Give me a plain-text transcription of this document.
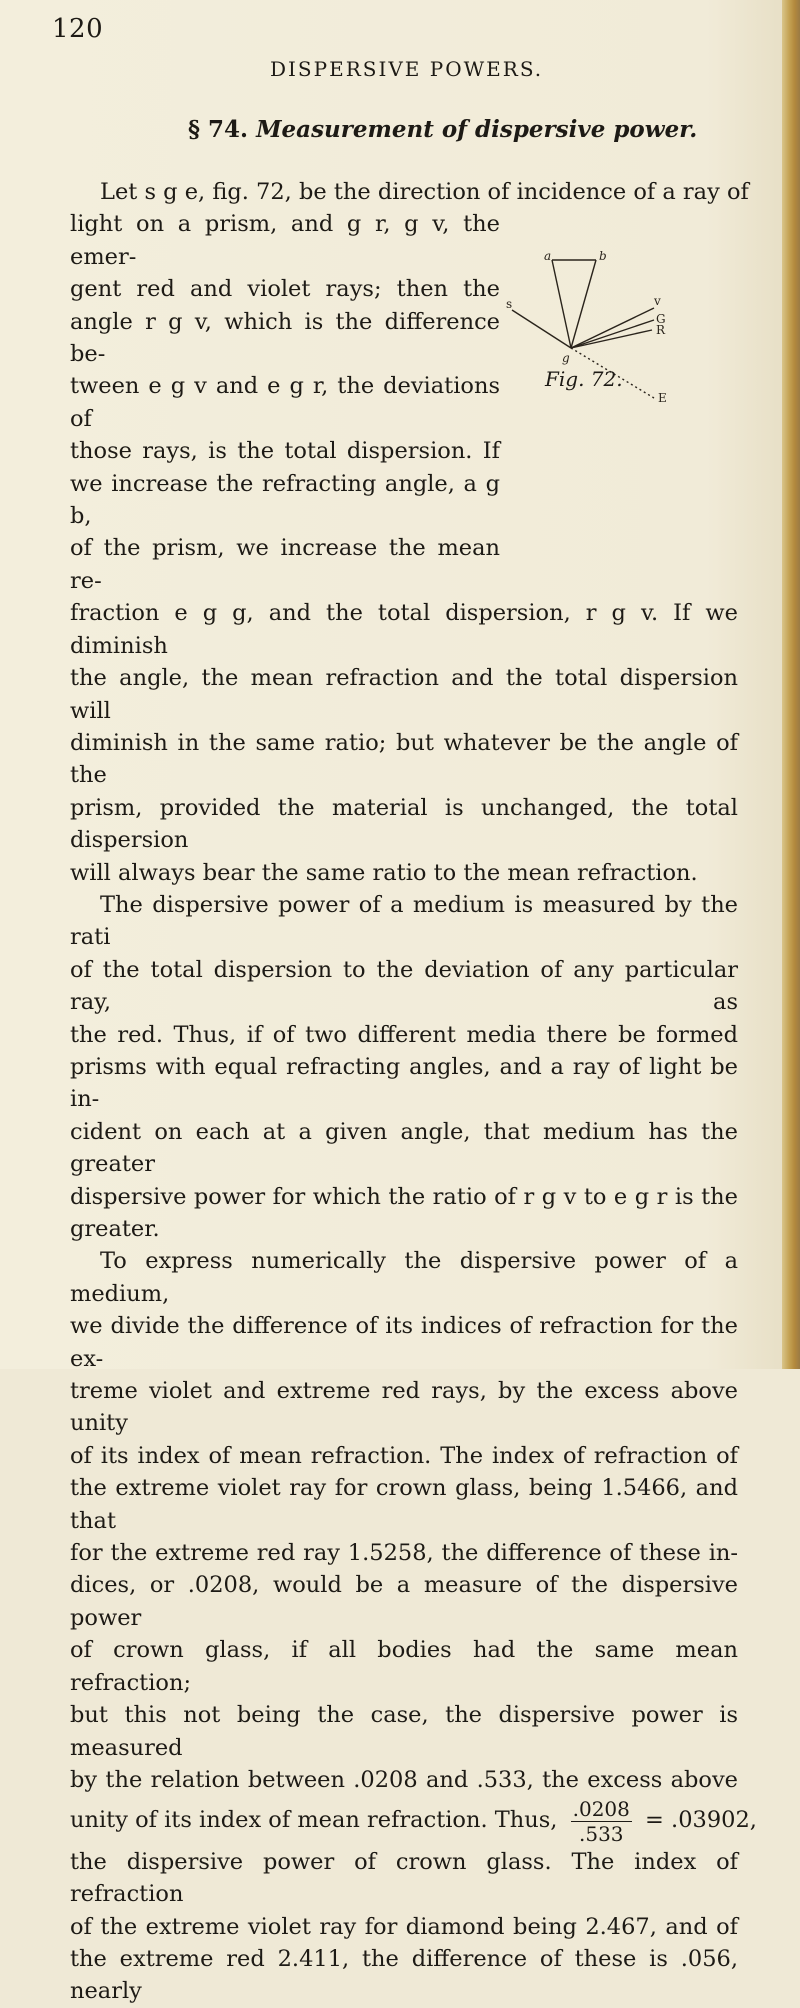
120
DISPERSIVE POWERS.
§ 74. Measurement of dispersive power.
a	b
s	v
G
R
g
E
Fig. 72.
Let s g e, fig. 72, be the direction of incidence of a ray of
light on a prism, and g r, g v, the emer-
gent red and violet rays; then the
angle r g v, which is the difference be-
tween e g v and e g r, the deviations of
those rays, is the total dispersion. If
we increase the refracting angle, a g b,
of the prism, we increase the mean re-
fraction e g g, and the total dispersion, r g v. If we diminish
the angle, the mean refraction and the total dispersion will
diminish in the same ratio; but whatever be the angle of the
prism, provided the material is unchanged, the total dispersion
will always bear the same ratio to the mean refraction.
The dispersive power of a medium is measured by the rati
of the total dispersion to the deviation of any particular ray, as
the red. Thus, if of two different media there be formed
prisms with equal refracting angles, and a ray of light be in-
cident on each at a given angle, that medium has the greater
dispersive power for which the ratio of r g v to e g r is the
greater.
To express numerically the dispersive power of a medium,
we divide the difference of its indices of refraction for the ex-
treme violet and extreme red rays, by the excess above unity
of its index of mean refraction. The index of refraction of
the extreme violet ray for crown glass, being 1.5466, and that
for the extreme red ray 1.5258, the difference of these in-
dices, or .0208, would be a measure of the dispersive power
of crown glass, if all bodies had the same mean refraction;
but this not being the case, the dispersive power is measured
by the relation between .0208 and .533, the excess above
unity of its index of mean refraction. Thus, $\frac{.0208}{.533} = .03902$,
the dispersive power of crown glass. The index of refraction
of the extreme violet ray for diamond being 2.467, and of
the extreme red 2.411, the difference of these is .056, nearly
